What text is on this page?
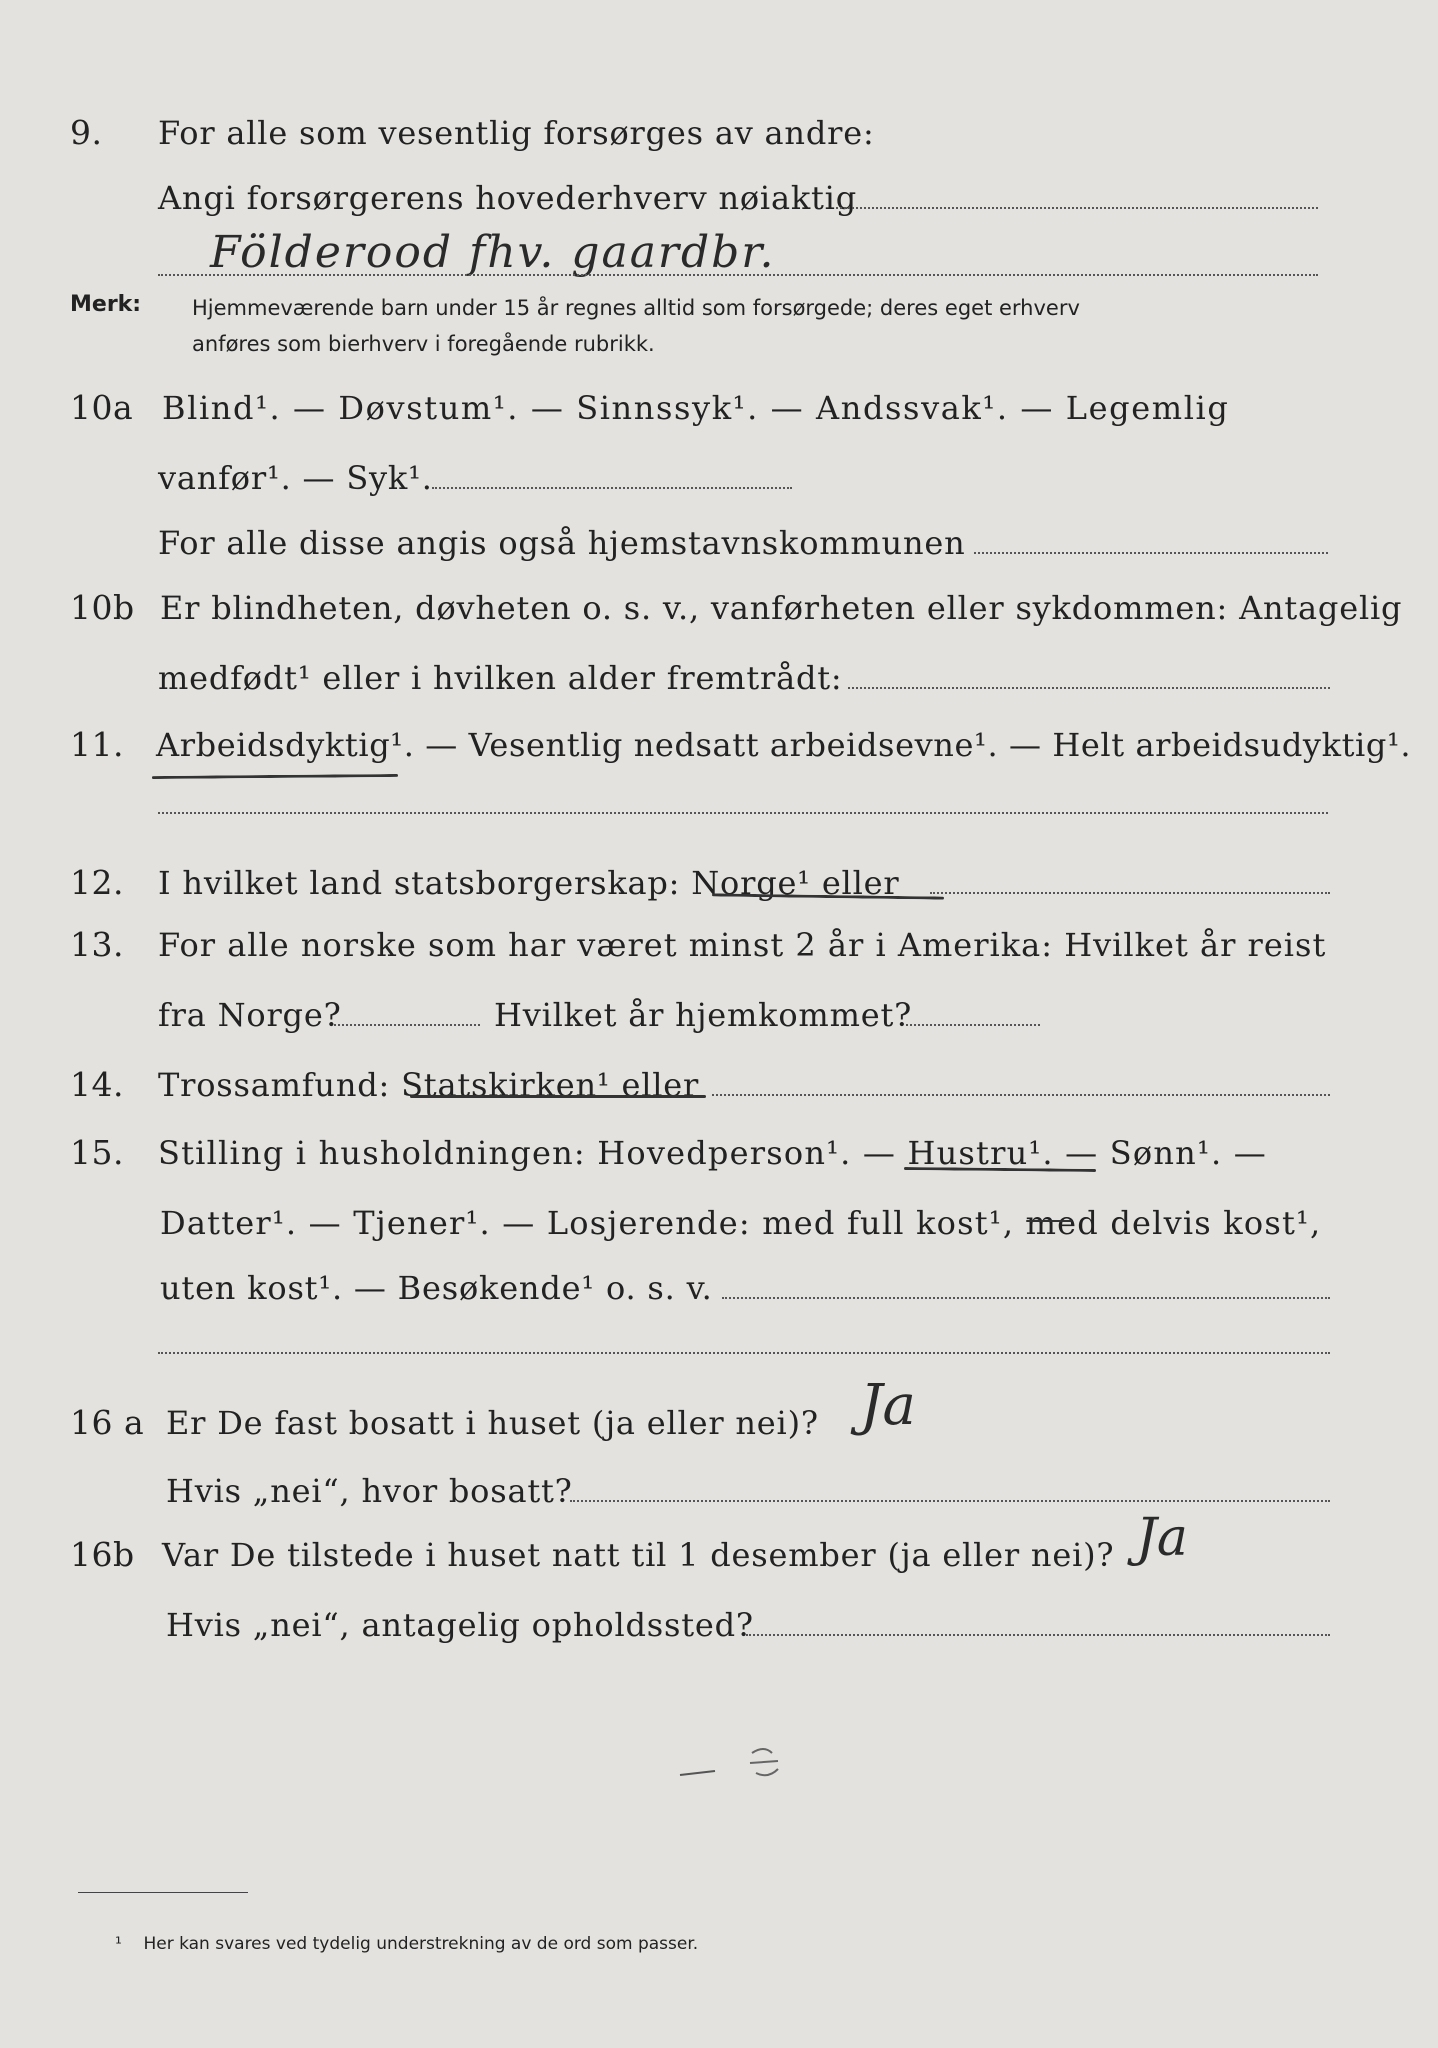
9. For alle som vesentlig forsørges av andre:
Angi forsørgerens hovederhverv nøiaktig
Földerood fhv. gaardbr.
Merk: Hjemmeværende barn under 15 år regnes alltid som forsørgede; deres eget erhverv
anføres som bierhverv i foregående rubrikk.
10a Blind¹. — Døvstum¹. — Sinnssyk¹. — Andssvak¹. — Legemlig
vanfør¹. — Syk¹.
For alle disse angis også hjemstavnskommunen
10b Er blindheten, døvheten o. s. v., vanførheten eller sykdommen: Antagelig
medfødt¹ eller i hvilken alder fremtrådt:
11. Arbeidsdyktig¹. — Vesentlig nedsatt arbeidsevne¹. — Helt arbeidsudyktig¹.
12. I hvilket land statsborgerskap: Norge¹ eller
13. For alle norske som har været minst 2 år i Amerika: Hvilket år reist
fra Norge?	Hvilket år hjemkommet?
14. Trossamfund: Statskirken¹ eller
15. Stilling i husholdningen: Hovedperson¹. — Hustru¹. — Sønn¹. —
Datter¹. — Tjener¹. — Losjerende: med full kost¹, med delvis kost¹,
uten kost¹. — Besøkende¹ o. s. v.
16 a Er De fast bosatt i huset (ja eller nei)? Ja
Hvis „nei“, hvor bosatt?
16b Var De tilstede i huset natt til 1 desember (ja eller nei)? Ja
Hvis „nei“, antagelig opholdssted?
¹ Her kan svares ved tydelig understrekning av de ord som passer.
